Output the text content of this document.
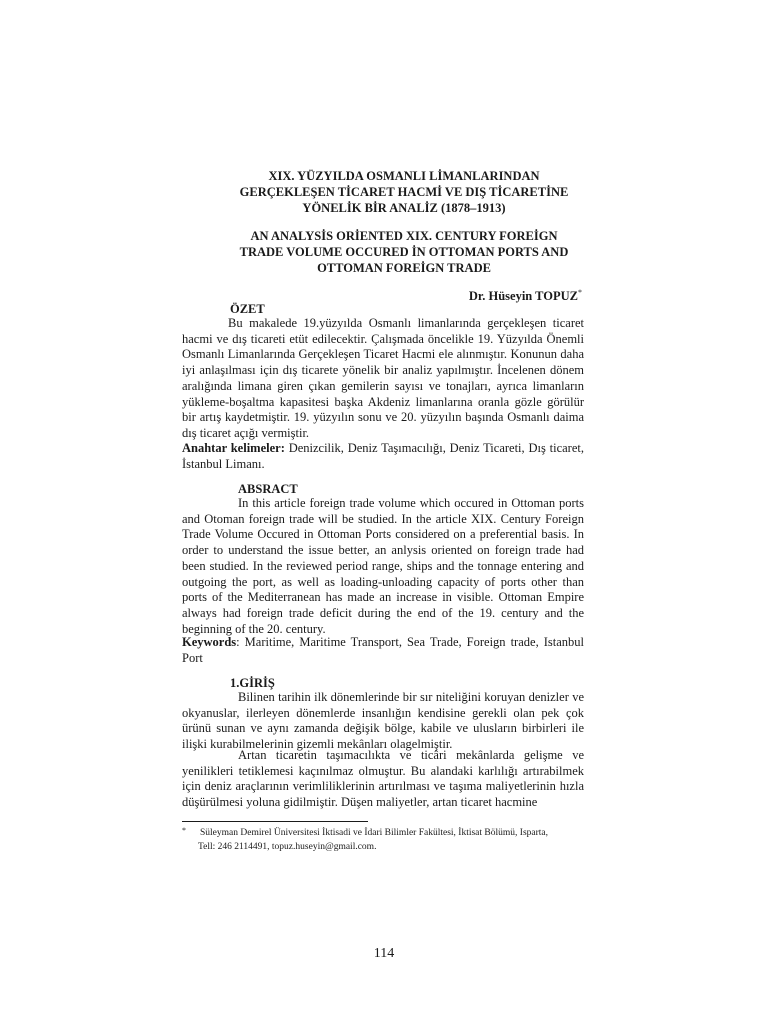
XIX. YÜZYILDA OSMANLI LİMANLARINDAN
GERÇEKLEŞEN TİCARET HACMİ VE DIŞ TİCARETİNE
YÖNELİK BİR ANALİZ (1878–1913)
AN ANALYSİS ORİENTED XIX. CENTURY FOREİGN
TRADE VOLUME OCCURED İN OTTOMAN PORTS AND
OTTOMAN FOREİGN TRADE
Dr. Hüseyin TOPUZ*
ÖZET
Bu makalede 19.yüzyılda Osmanlı limanlarında gerçekleşen ticaret hacmi ve dış ticareti etüt edilecektir. Çalışmada öncelikle 19. Yüzyılda Önemli Osmanlı Limanlarında Gerçekleşen Ticaret Hacmi ele alınmıştır. Konunun daha iyi anlaşılması için dış ticarete yönelik bir analiz yapılmıştır. İncelenen dönem aralığında limana giren çıkan gemilerin sayısı ve tonajları, ayrıca limanların yükleme-boşaltma kapasitesi başka Akdeniz limanlarına oranla gözle görülür bir artış kaydetmiştir. 19. yüzyılın sonu ve 20. yüzyılın başında Osmanlı daima dış ticaret açığı vermiştir.
Anahtar kelimeler: Denizcilik, Deniz Taşımacılığı, Deniz Ticareti, Dış ticaret, İstanbul Limanı.
ABSRACT
In this article foreign trade volume which occured in Ottoman ports and Otoman foreign trade will be studied. In the article XIX. Century Foreign Trade Volume Occured in Ottoman Ports considered on a preferential basis. In order to understand the issue better, an anlysis oriented on foreign trade had been studied. In the reviewed period range, ships and the tonnage entering and outgoing the port, as well as loading-unloading capacity of ports other than ports of the Mediterranean has made an increase in visible. Ottoman Empire always had foreign trade deficit during the end of the 19. century and the beginning of the 20. century.
Keywords: Maritime, Maritime Transport, Sea Trade, Foreign trade, Istanbul Port
1.GİRİŞ
Bilinen tarihin ilk dönemlerinde bir sır niteliğini koruyan denizler ve okyanuslar, ilerleyen dönemlerde insanlığın kendisine gerekli olan pek çok ürünü sunan ve aynı zamanda değişik bölge, kabile ve ulusların birbirleri ile ilişki kurabilmelerinin gizemli mekânları olagelmiştir.
Artan ticaretin taşımacılıkta ve ticâri mekânlarda gelişme ve yenilikleri tetiklemesi kaçınılmaz olmuştur. Bu alandaki karlılığı artırabilmek için deniz araçlarının verimliliklerinin artırılması ve taşıma maliyetlerinin hızla düşürülmesi yoluna gidilmiştir. Düşen maliyetler, artan ticaret hacmine
*	Süleyman Demirel Üniversitesi İktisadi ve İdari Bilimler Fakültesi, İktisat Bölümü, Isparta,
Tell: 246 2114491, topuz.huseyin@gmail.com.
114
